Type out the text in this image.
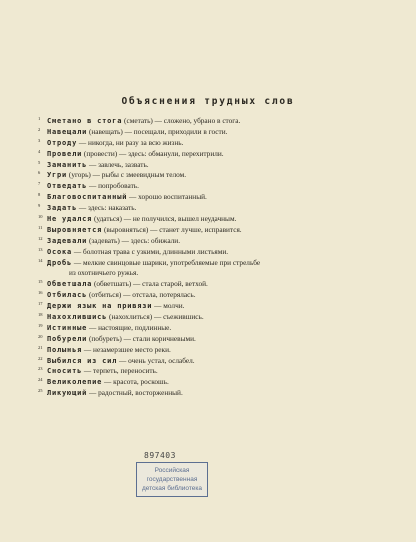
Объяснения трудных слов
1 Сметано в стога (сметать) — сложено, убрано в стога.
2 Навещали (навещать) — посещали, приходили в гости.
3 Отроду — никогда, ни разу за всю жизнь.
4 Провели (провести) — здесь: обманули, перехитрили.
5 Заманить — завлечь, зазвать.
6 Угри (угорь) — рыбы с змеевидным телом.
7 Отведать — попробовать.
8 Благовоспитанный — хорошо воспитанный.
9 Задать — здесь: наказать.
10 Не удался (удаться) — не получился, вышел неудачным.
11 Выровняется (выровняться) — станет лучше, исправится.
12 Задевали (задевать) — здесь: обижали.
13 Осока — болотная трава с узкими, длинными листьями.
14 Дробь — мелкие свинцовые шарики, употребляемые при стрельбе
из охотничьего ружья.
15 Обветшала (обветшать) — стала старой, ветхой.
16 Отбилась (отбиться) — отстала, потерялась.
17 Держи язык на привязи — молчи.
18 Нахохлившись (нахохлиться) — съежившись.
19 Истинные — настоящие, подлинные.
20 Побурели (побуреть) — стали коричневыми.
21 Полынья — незамерзшее место реки.
22 Выбился из сил — очень устал, ослабел.
23 Сносить — терпеть, переносить.
24 Великолепие — красота, роскошь.
25 Ликующий — радостный, восторженный.
897403
Российская государственная
детская библиотека
